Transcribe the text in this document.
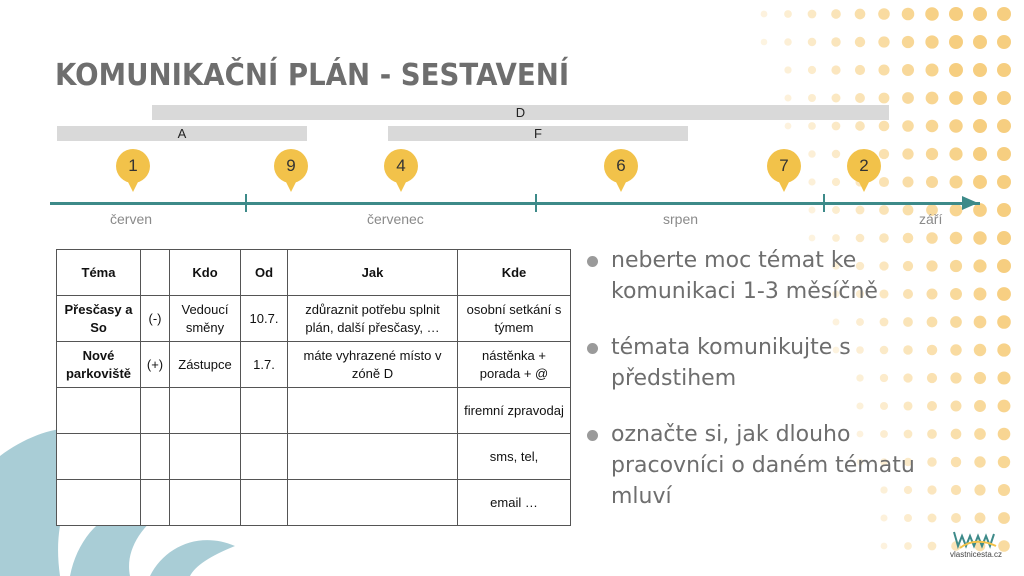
KOMUNIKAČNÍ PLÁN - SESTAVENÍ
D
A	F
červen	červenec	srpen	září
1	9	4	6	7	2
Téma		Kdo	Od	Jak	Kde
Přesčasy a So	(-)	Vedoucí směny	10.7.	zdůraznit potřebu splnit plán, další přesčasy, …	osobní setkání s týmem
Nové parkoviště	(+)	Zástupce	1.7.	máte vyhrazené místo v zóně D	nástěnka + porada + @
					firemní zpravodaj
					sms, tel,
					email …
neberte moc témat ke komunikaci 1-3 měsíčně
témata komunikujte s předstihem
označte si, jak dlouho pracovníci o daném tématu mluví
vlastnicesta.cz
